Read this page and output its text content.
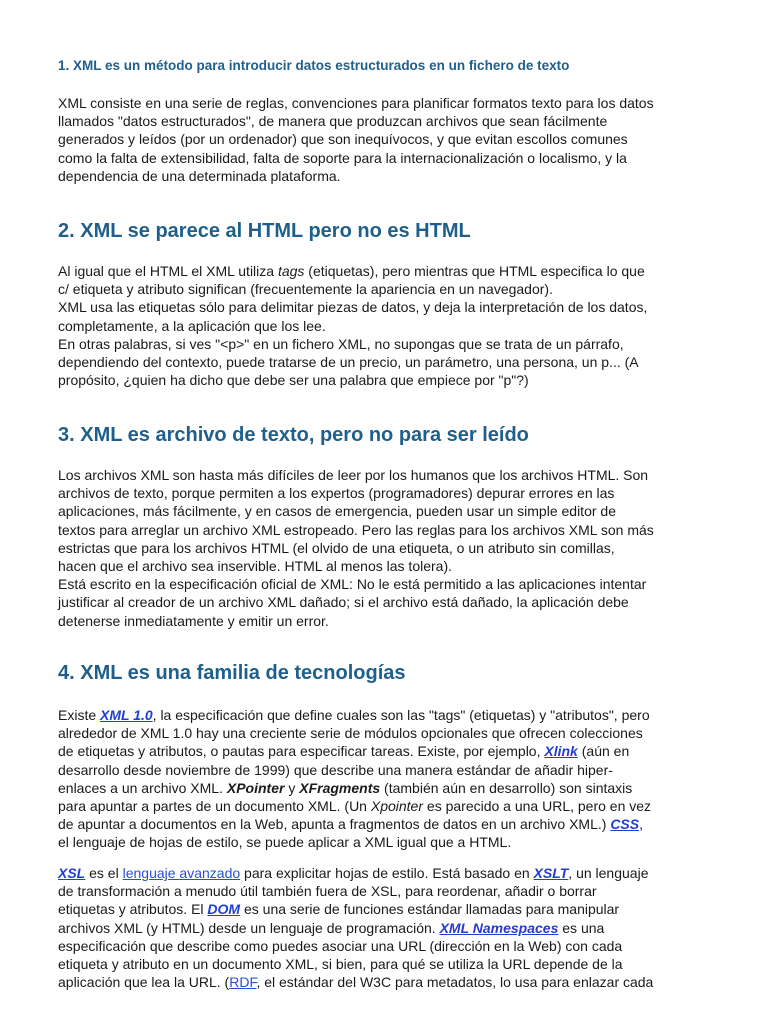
1. XML es un método para introducir datos estructurados en un fichero de texto

XML consiste en una serie de reglas, convenciones para planificar formatos texto para los datos

llamados "datos estructurados", de manera que produzcan archivos que sean fácilmente

generados y leídos (por un ordenador) que son inequívocos, y que evitan escollos comunes

como la falta de extensibilidad, falta de soporte para la internacionalización o localismo, y la

dependencia de una determinada plataforma.

2. XML se parece al HTML pero no es HTML

Al igual que el HTML el XML utiliza tags (etiquetas), pero mientras que HTML especifica lo que

c/ etiqueta y atributo significan (frecuentemente la apariencia en un navegador).

XML usa las etiquetas sólo para delimitar piezas de datos, y deja la interpretación de los datos,

completamente, a la aplicación que los lee.

En otras palabras, si ves "<p>" en un fichero XML, no supongas que se trata de un párrafo,

dependiendo del contexto, puede tratarse de un precio, un parámetro, una persona, un p... (A

propósito, ¿quien ha dicho que debe ser una palabra que empiece por "p"?)

3. XML es archivo de texto, pero no para ser leído

Los archivos XML son hasta más difíciles de leer por los humanos que los archivos HTML. Son

archivos de texto, porque permiten a los expertos (programadores) depurar errores en las

aplicaciones, más fácilmente, y en casos de emergencia, pueden usar un simple editor de

textos para arreglar un archivo XML estropeado. Pero las reglas para los archivos XML son más

estrictas que para los archivos HTML (el olvido de una etiqueta, o un atributo sin comillas,

hacen que el archivo sea inservible. HTML al menos las tolera).

Está escrito en la especificación oficial de XML: No le está permitido a las aplicaciones intentar

justificar al creador de un archivo XML dañado; si el archivo está dañado, la aplicación debe

detenerse inmediatamente y emitir un error.

4. XML es una familia de tecnologías

Existe XML 1.0, la especificación que define cuales son las "tags" (etiquetas) y "atributos", pero

alrededor de XML 1.0 hay una creciente serie de módulos opcionales que ofrecen colecciones

de etiquetas y atributos, o pautas para especificar tareas. Existe, por ejemplo, Xlink (aún en

desarrollo desde noviembre de 1999) que describe una manera estándar de añadir hiper-

enlaces a un archivo XML. XPointer y XFragments (también aún en desarrollo) son sintaxis

para apuntar a partes de un documento XML. (Un Xpointer es parecido a una URL, pero en vez

de apuntar a documentos en la Web, apunta a fragmentos de datos en un archivo XML.) CSS,

el lenguaje de hojas de estilo, se puede aplicar a XML igual que a HTML.

XSL es el lenguaje avanzado para explicitar hojas de estilo. Está basado en XSLT, un lenguaje

de transformación a menudo útil también fuera de XSL, para reordenar, añadir o borrar

etiquetas y atributos. El DOM es una serie de funciones estándar llamadas para manipular

archivos XML (y HTML) desde un lenguaje de programación. XML Namespaces es una

especificación que describe como puedes asociar una URL (dirección en la Web) con cada

etiqueta y atributo en un documento XML, si bien, para qué se utiliza la URL depende de la

aplicación que lea la URL. (RDF, el estándar del W3C para metadatos, lo usa para enlazar cada
